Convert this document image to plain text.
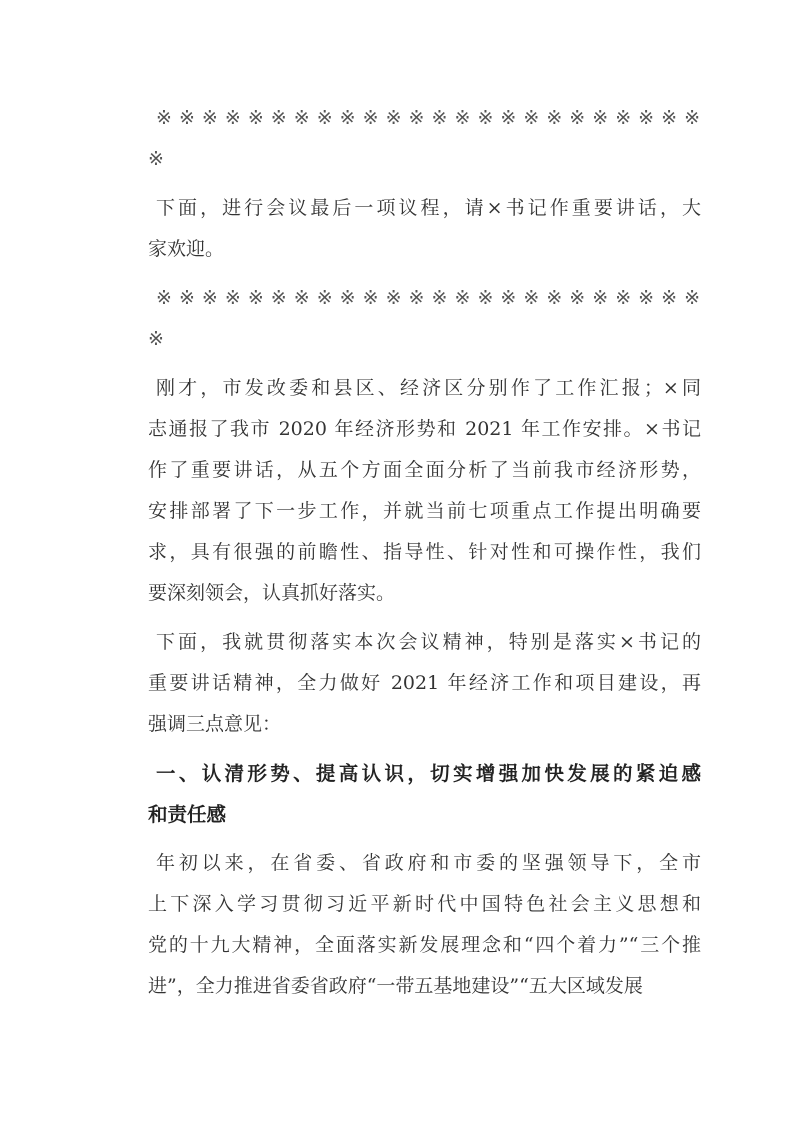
※※※※※※※※※※※※※※※※※※※※※※※※
※
下面，进行会议最后一项议程，请×书记作重要讲话，大
家欢迎。
※※※※※※※※※※※※※※※※※※※※※※※※
※
刚才，市发改委和县区、经济区分别作了工作汇报；×同
志通报了我市 2020 年经济形势和 2021 年工作安排。×书记
作了重要讲话，从五个方面全面分析了当前我市经济形势，
安排部署了下一步工作，并就当前七项重点工作提出明确要
求，具有很强的前瞻性、指导性、针对性和可操作性，我们
要深刻领会，认真抓好落实。
下面，我就贯彻落实本次会议精神，特别是落实×书记的
重要讲话精神，全力做好 2021 年经济工作和项目建设，再
强调三点意见：
一、认清形势、提高认识，切实增强加快发展的紧迫感
和责任感
年初以来，在省委、省政府和市委的坚强领导下，全市
上下深入学习贯彻习近平新时代中国特色社会主义思想和
党的十九大精神，全面落实新发展理念和“四个着力”“三个推
进”，全力推进省委省政府“一带五基地建设”“五大区域发展
